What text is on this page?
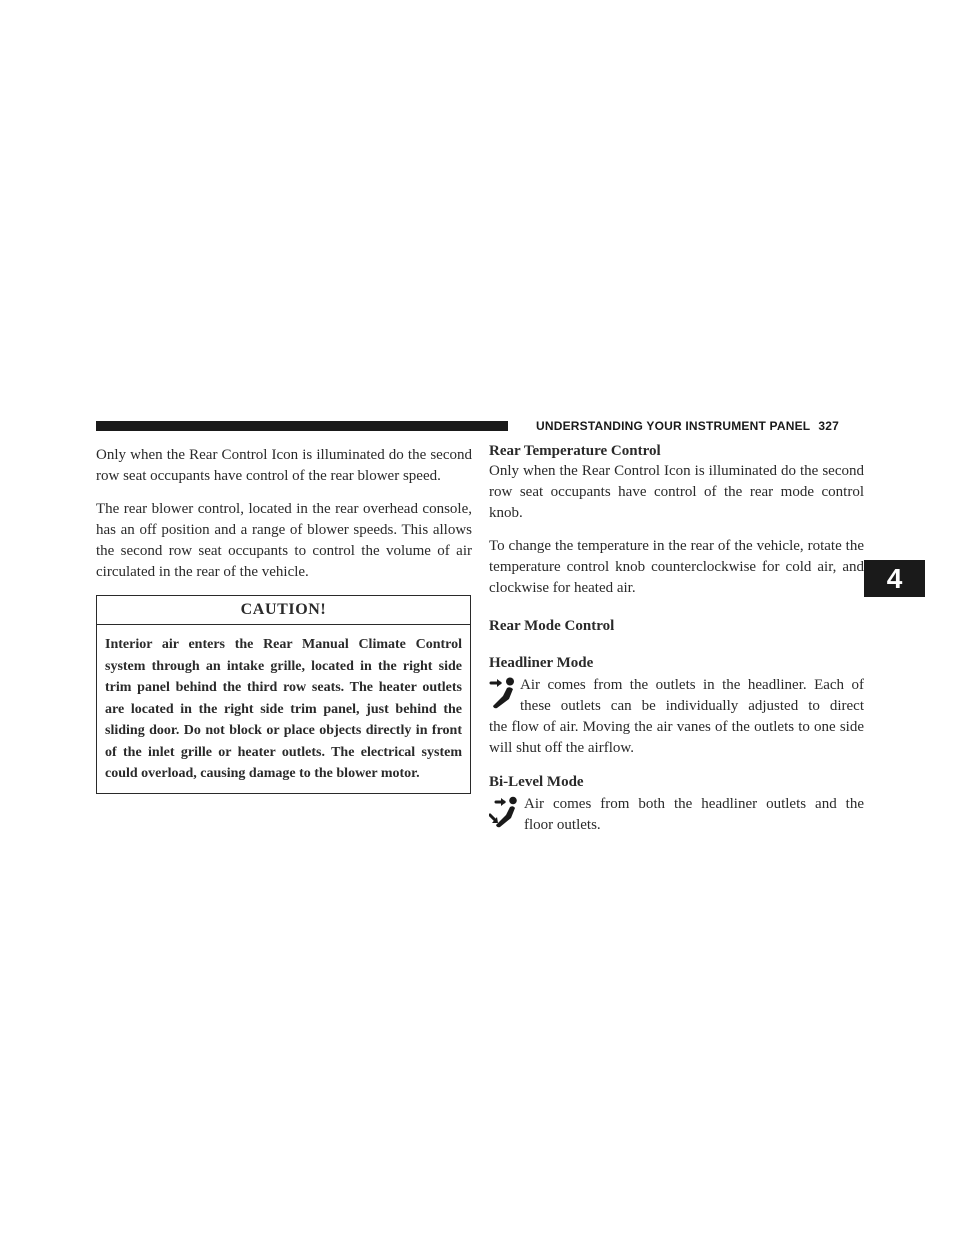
UNDERSTANDING YOUR INSTRUMENT PANEL 327

Only when the Rear Control Icon is illuminated do the second row seat occupants have control of the rear blower speed.

The rear blower control, located in the rear overhead console, has an off position and a range of blower speeds. This allows the second row seat occupants to control the volume of air circulated in the rear of the vehicle.

CAUTION!

Interior air enters the Rear Manual Climate Control system through an intake grille, located in the right side trim panel behind the third row seats. The heater outlets are located in the right side trim panel, just behind the sliding door. Do not block or place objects directly in front of the inlet grille or heater outlets. The electrical system could overload, causing damage to the blower motor.

Rear Temperature Control

Only when the Rear Control Icon is illuminated do the second row seat occupants have control of the rear mode control knob.

To change the temperature in the rear of the vehicle, rotate the temperature control knob counterclockwise for cold air, and clockwise for heated air.

Rear Mode Control
Headliner Mode
Air comes from the outlets in the headliner. Each of
these outlets can be individually adjusted to direct
the flow of air. Moving the air vanes of the outlets to one side will shut off the airflow.
Bi-Level Mode
Air comes from both the headliner outlets and the
floor outlets.
4
